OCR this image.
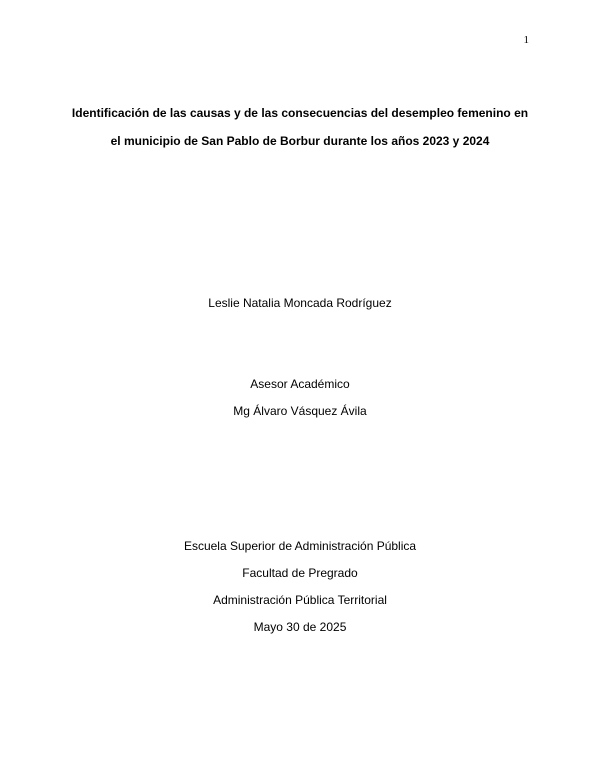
1
Identificación de las causas y de las consecuencias del desempleo femenino en
el municipio de San Pablo de Borbur durante los años 2023 y 2024
Leslie Natalia Moncada Rodríguez
Asesor Académico
Mg Álvaro Vásquez Ávila
Escuela Superior de Administración Pública
Facultad de Pregrado
Administración Pública Territorial
Mayo 30 de 2025
